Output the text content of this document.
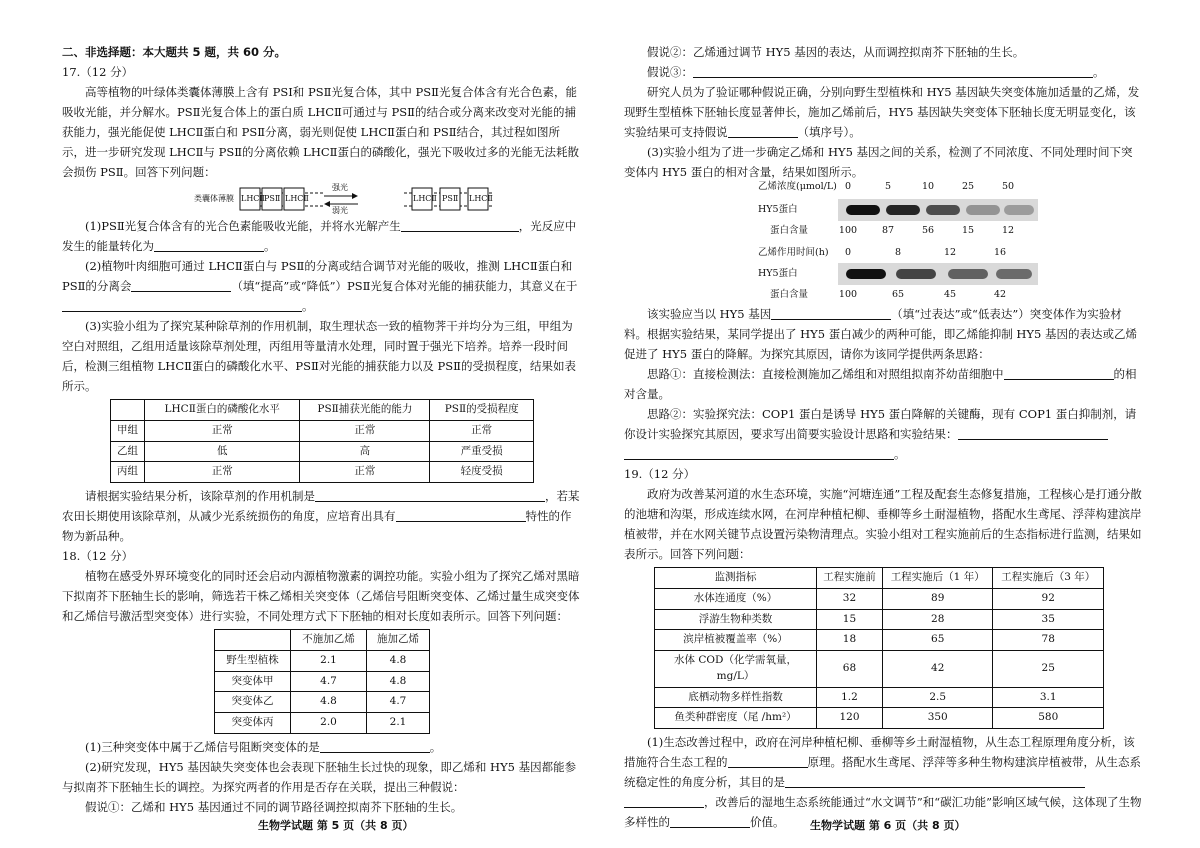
二、非选择题：本大题共 5 题，共 60 分。

17.（12 分）

高等植物的叶绿体类囊体薄膜上含有 PSⅠ和 PSⅡ光复合体，其中 PSⅡ光复合体含有光合色素，能吸收光能，并分解水。PSⅡ光复合体上的蛋白质 LHCⅡ可通过与 PSⅡ的结合或分离来改变对光能的捕获能力，强光能促使 LHCⅡ蛋白和 PSⅡ分离，弱光则促使 LHCⅡ蛋白和 PSⅡ结合，其过程如图所示，进一步研究发现 LHCⅡ与 PSⅡ的分离依赖 LHCⅡ蛋白的磷酸化，强光下吸收过多的光能无法耗散会损伤 PSⅡ。回答下列问题：

类囊体薄膜 LHCⅡ PSⅡ LHCⅡ
强光
弱光
LHCⅡ PSⅡ LHCⅡ

(1)PSⅡ光复合体含有的光合色素能吸收光能，并将水光解产生	，光反应中发生的能量转化为	。

(2)植物叶肉细胞可通过 LHCⅡ蛋白与 PSⅡ的分离或结合调节对光能的吸收，推测 LHCⅡ蛋白和 PSⅡ的分离会	（填“提高”或“降低”）PSⅡ光复合体对光能的捕获能力，其意义在于。

(3)实验小组为了探究某种除草剂的作用机制，取生理状态一致的植物荠干并均分为三组，甲组为空白对照组，乙组用适量该除草剂处理，丙组用等量清水处理，同时置于强光下培养。培养一段时间后，检测三组植物 LHCⅡ蛋白的磷酸化水平、PSⅡ对光能的捕获能力以及 PSⅡ的受损程度，结果如表所示。

	LHCⅡ蛋白的磷酸化水平	PSⅡ捕获光能的能力	PSⅡ的受损程度
甲组	正常	正常	正常
乙组	低	高	严重受损
丙组	正常	正常	轻度受损

请根据实验结果分析，该除草剂的作用机制是	，若某农田长期使用该除草剂，从减少光系统损伤的角度，应培育出具有	特性的作物为新品种。

18.（12 分）

植物在感受外界环境变化的同时还会启动内源植物激素的调控功能。实验小组为了探究乙烯对黑暗下拟南芥下胚轴生长的影响，筛选若干株乙烯相关突变体（乙烯信号阻断突变体、乙烯过量生成突变体和乙烯信号激活型突变体）进行实验，不同处理方式下下胚轴的相对长度如表所示。回答下列问题：

	不施加乙烯	施加乙烯
野生型植株	2.1	4.8
突变体甲	4.7	4.8
突变体乙	4.8	4.7
突变体丙	2.0	2.1

(1)三种突变体中属于乙烯信号阻断突变体的是	。

(2)研究发现，HY5 基因缺失突变体也会表现下胚轴生长过快的现象，即乙烯和 HY5 基因都能参与拟南芥下胚轴生长的调控。为探究两者的作用是否存在关联，提出三种假说：

假说①：乙烯和 HY5 基因通过不同的调节路径调控拟南芥下胚轴的生长。

生物学试题 第 5 页（共 8 页）

假说②：乙烯通过调节 HY5 基因的表达，从而调控拟南芥下胚轴的生长。

假说③：	。

研究人员为了验证哪种假说正确，分别向野生型植株和 HY5 基因缺失突变体施加适量的乙烯，发现野生型植株下胚轴长度显著伸长，施加乙烯前后，HY5 基因缺失突变体下胚轴长度无明显变化，该实验结果可支持假说	（填序号）。

(3)实验小组为了进一步确定乙烯和 HY5 基因之间的关系，检测了不同浓度、不同处理时间下突变体内 HY5 蛋白的相对含量，结果如图所示。

乙烯浓度(μmol/L) 0	5	10	25	50
HY5蛋白
蛋白含量	100	87	56	15	12
乙烯作用时间(h)	0	8	12	16
HY5蛋白
蛋白含量	100	65	45	42

该实验应当以 HY5 基因	（填“过表达”或“低表达”）突变体作为实验材料。根据实验结果，某同学提出了 HY5 蛋白减少的两种可能，即乙烯能抑制 HY5 基因的表达或乙烯促进了 HY5 蛋白的降解。为探究其原因，请你为该同学提供两条思路：

思路①：直接检测法：直接检测施加乙烯组和对照组拟南芥幼苗细胞中	的相对含量。

思路②：实验探究法：COP1 蛋白是诱导 HY5 蛋白降解的关键酶，现有 COP1 蛋白抑制剂，请你设计实验探究其原因，要求写出简要实验设计思路和实验结果：。

19.（12 分）

政府为改善某河道的水生态环境，实施“河塘连通”工程及配套生态修复措施，工程核心是打通分散的池塘和沟渠，形成连续水网，在河岸种植杞柳、垂柳等乡土耐湿植物，搭配水生鸢尾、浮萍构建滨岸植被带，并在水网关键节点设置污染物清理点。实验小组对工程实施前后的生态指标进行监测，结果如表所示。回答下列问题：

监测指标	工程实施前	工程实施后（1 年）	工程实施后（3 年）
水体连通度（%）	32	89	92
浮游生物种类数	15	28	35
滨岸植被覆盖率（%）	18	65	78
水体 COD（化学需氧量，mg/L）	68	42	25
底栖动物多样性指数	1.2	2.5	3.1
鱼类种群密度（尾 /hm²）	120	350	580

(1)生态改善过程中，政府在河岸种植杞柳、垂柳等乡土耐湿植物，从生态工程原理角度分析，该措施符合生态工程的	原理。搭配水生鸢尾、浮萍等多种生物构建滨岸植被带，从生态系统稳定性的角度分析，其目的是，改善后的湿地生态系统能通过“水文调节”和“碳汇功能”影响区域气候，这体现了生物多样性的	价值。	生物学试题 第 6 页（共 8 页）
